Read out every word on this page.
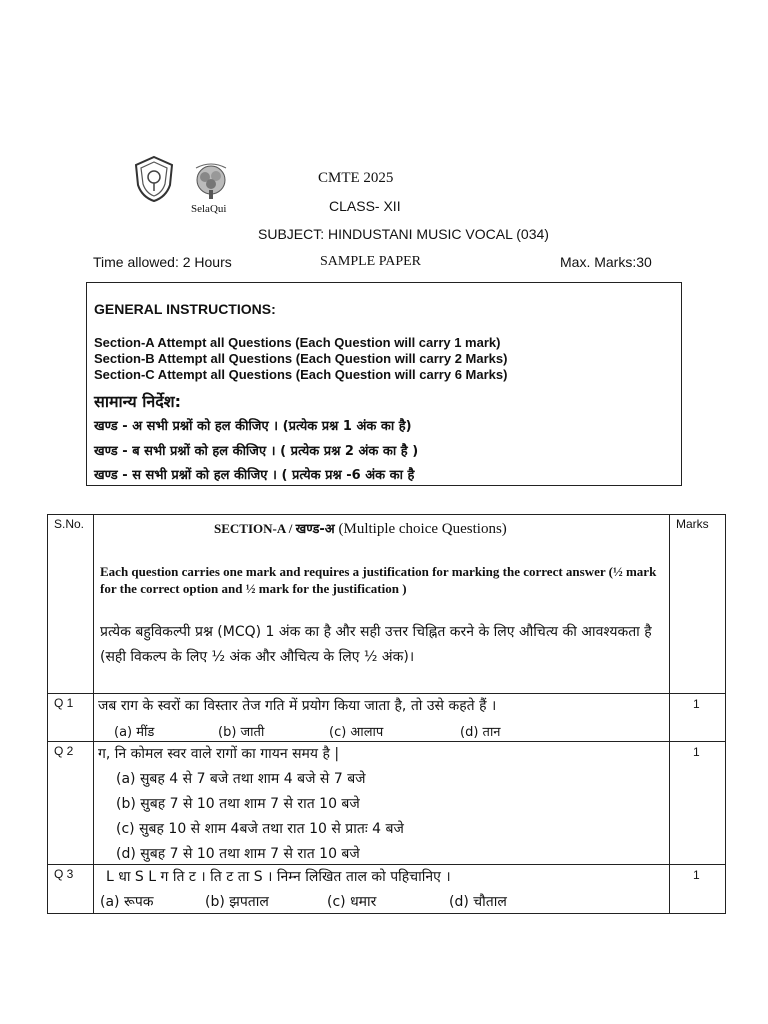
SelaQui
CMTE 2025
CLASS- XII
SUBJECT: HINDUSTANI MUSIC VOCAL (034)
Time allowed: 2 Hours	SAMPLE PAPER	Max. Marks:30
GENERAL INSTRUCTIONS:
Section-A Attempt all Questions (Each Question will carry 1 mark)
Section-B Attempt all Questions (Each Question will carry 2 Marks)
Section-C Attempt all Questions (Each Question will carry 6 Marks)
सामान्य निर्देश:
खण्ड - अ सभी प्रश्नों को हल कीजिए । (प्रत्येक प्रश्न 1 अंक का है)
खण्ड - ब सभी प्रश्नों को हल कीजिए । ( प्रत्येक प्रश्न 2 अंक का है )
खण्ड - स सभी प्रश्नों को हल कीजिए । ( प्रत्येक प्रश्न -6 अंक का है
S.No.	Marks
SECTION-A / खण्ड-अ (Multiple choice Questions)
Each question carries one mark and requires a justification for marking the correct answer (½ mark for the correct option and ½ mark for the justification )
प्रत्येक बहुविकल्पी प्रश्न (MCQ) 1 अंक का है और सही उत्तर चिह्नित करने के लिए औचित्य की आवश्यकता है (सही विकल्प के लिए ½ अंक और औचित्य के लिए ½ अंक)।
Q 1 जब राग के स्वरों का विस्तार तेज गति में प्रयोग किया जाता है, तो उसे कहते हैं ।
(a) मींड	(b) जाती	(c) आलाप	(d) तान
1
Q 2 ग, नि कोमल स्वर वाले रागों का गायन समय है |
(a) सुबह 4 से 7 बजे तथा शाम 4 बजे से 7 बजे
(b) सुबह 7 से 10 तथा शाम 7 से रात 10 बजे
(c) सुबह 10 से शाम 4बजे तथा रात 10 से प्रातः 4 बजे
(d) सुबह 7 से 10 तथा शाम 7 से रात 10 बजे
1
Q 3 L धा S L ग ति ट । ति ट ता S । निम्न लिखित ताल को पहिचानिए ।
(a) रूपक	(b) झपताल	(c) धमार	(d) चौताल
1
